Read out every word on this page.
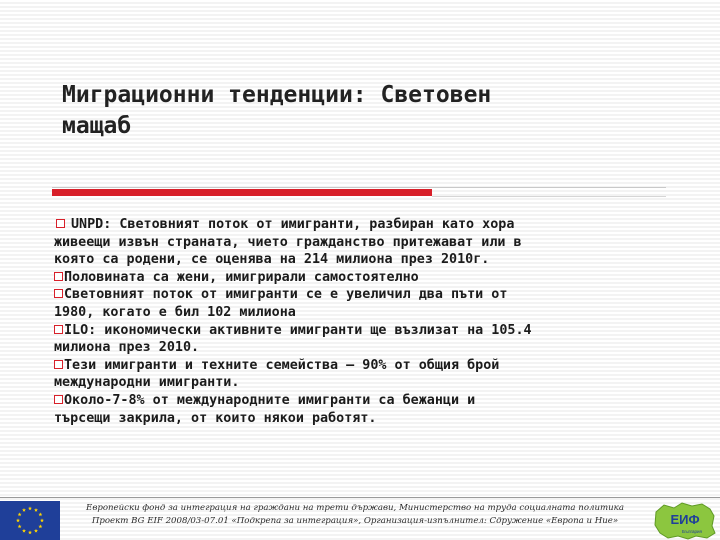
Миграционни тенденции: Световен
мащаб
UNPD: Световният поток от имигранти, разбиран като хора
живеещи извън страната, чието гражданство притежават или в
която са родени, се оценява на 214 милиона през 2010г.
Половината са жени, имигрирали самостоятелно
Световният поток от имигранти се е увеличил два пъти от
1980, когато е бил 102 милиона
ILO: икономически активните имигранти ще възлизат на 105.4
милиона през 2010.
Тези имигранти и техните семейства – 90% от общия брой
международни имигранти.
Около-7-8% от международните имигранти са бежанци и
търсещи закрила, от които някои работят.
Европейски фонд за интеграция на граждани на трети държави, Министерство на труда социалната политика
Проект BG EIF 2008/03-07.01 «Подкрепа за интеграция», Организация-изпълнител: Сдружение «Европа и Ние»	ЕИФ
България
